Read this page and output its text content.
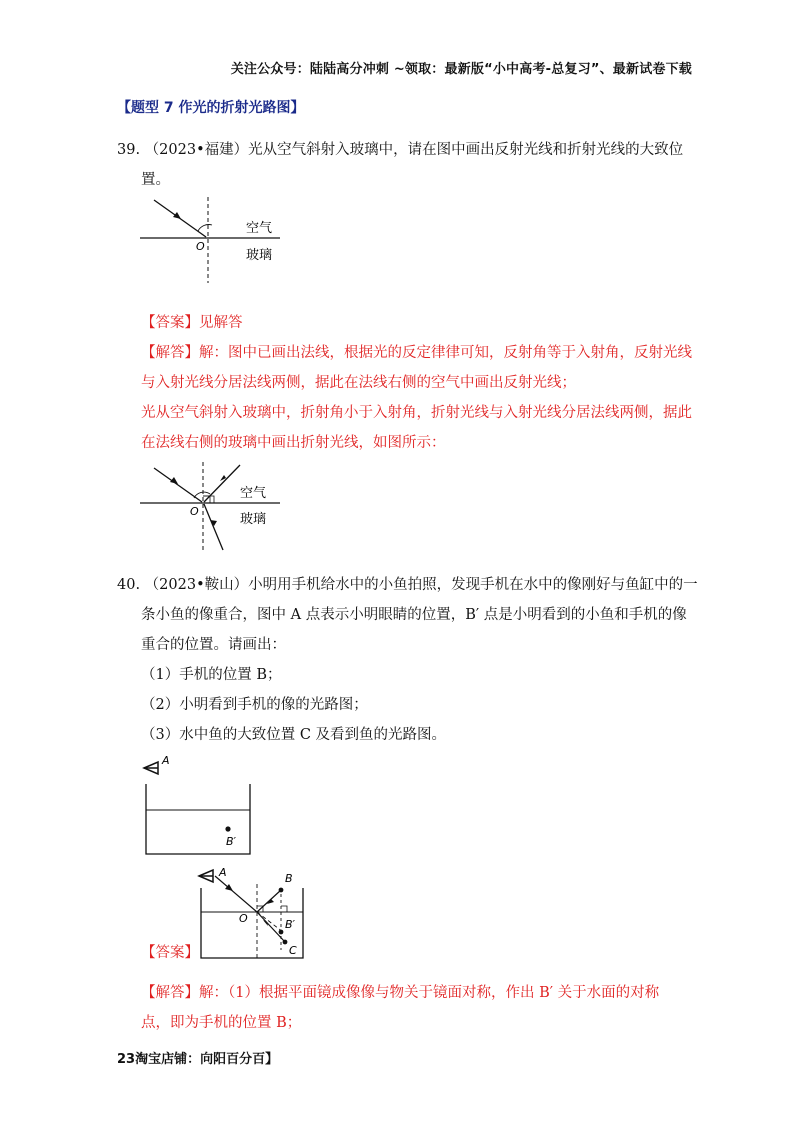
关注公众号：陆陆高分冲刺 ~领取：最新版“小中高考-总复习”、最新试卷下载
【题型 7 作光的折射光路图】
39. （2023•福建）光从空气斜射入玻璃中，请在图中画出反射光线和折射光线的大致位
置。
O
空气
玻璃
【答案】见解答
【解答】解：图中已画出法线，根据光的反定律律可知，反射角等于入射角，反射光线
与入射光线分居法线两侧，据此在法线右侧的空气中画出反射光线；
光从空气斜射入玻璃中，折射角小于入射角，折射光线与入射光线分居法线两侧，据此
在法线右侧的玻璃中画出折射光线，如图所示：
O
空气
玻璃
40. （2023•鞍山）小明用手机给水中的小鱼拍照，发现手机在水中的像刚好与鱼缸中的一
条小鱼的像重合，图中 A 点表示小明眼睛的位置，B′ 点是小明看到的小鱼和手机的像
重合的位置。请画出：
（1）手机的位置 B；
（2）小明看到手机的像的光路图；
（3）水中鱼的大致位置 C 及看到鱼的光路图。
A
B′
A	B
B′
C
O
【答案】
【解答】解：（1）根据平面镜成像像与物关于镜面对称，作出 B′ 关于水面的对称
点，即为手机的位置 B；
23淘宝店铺：向阳百分百】
